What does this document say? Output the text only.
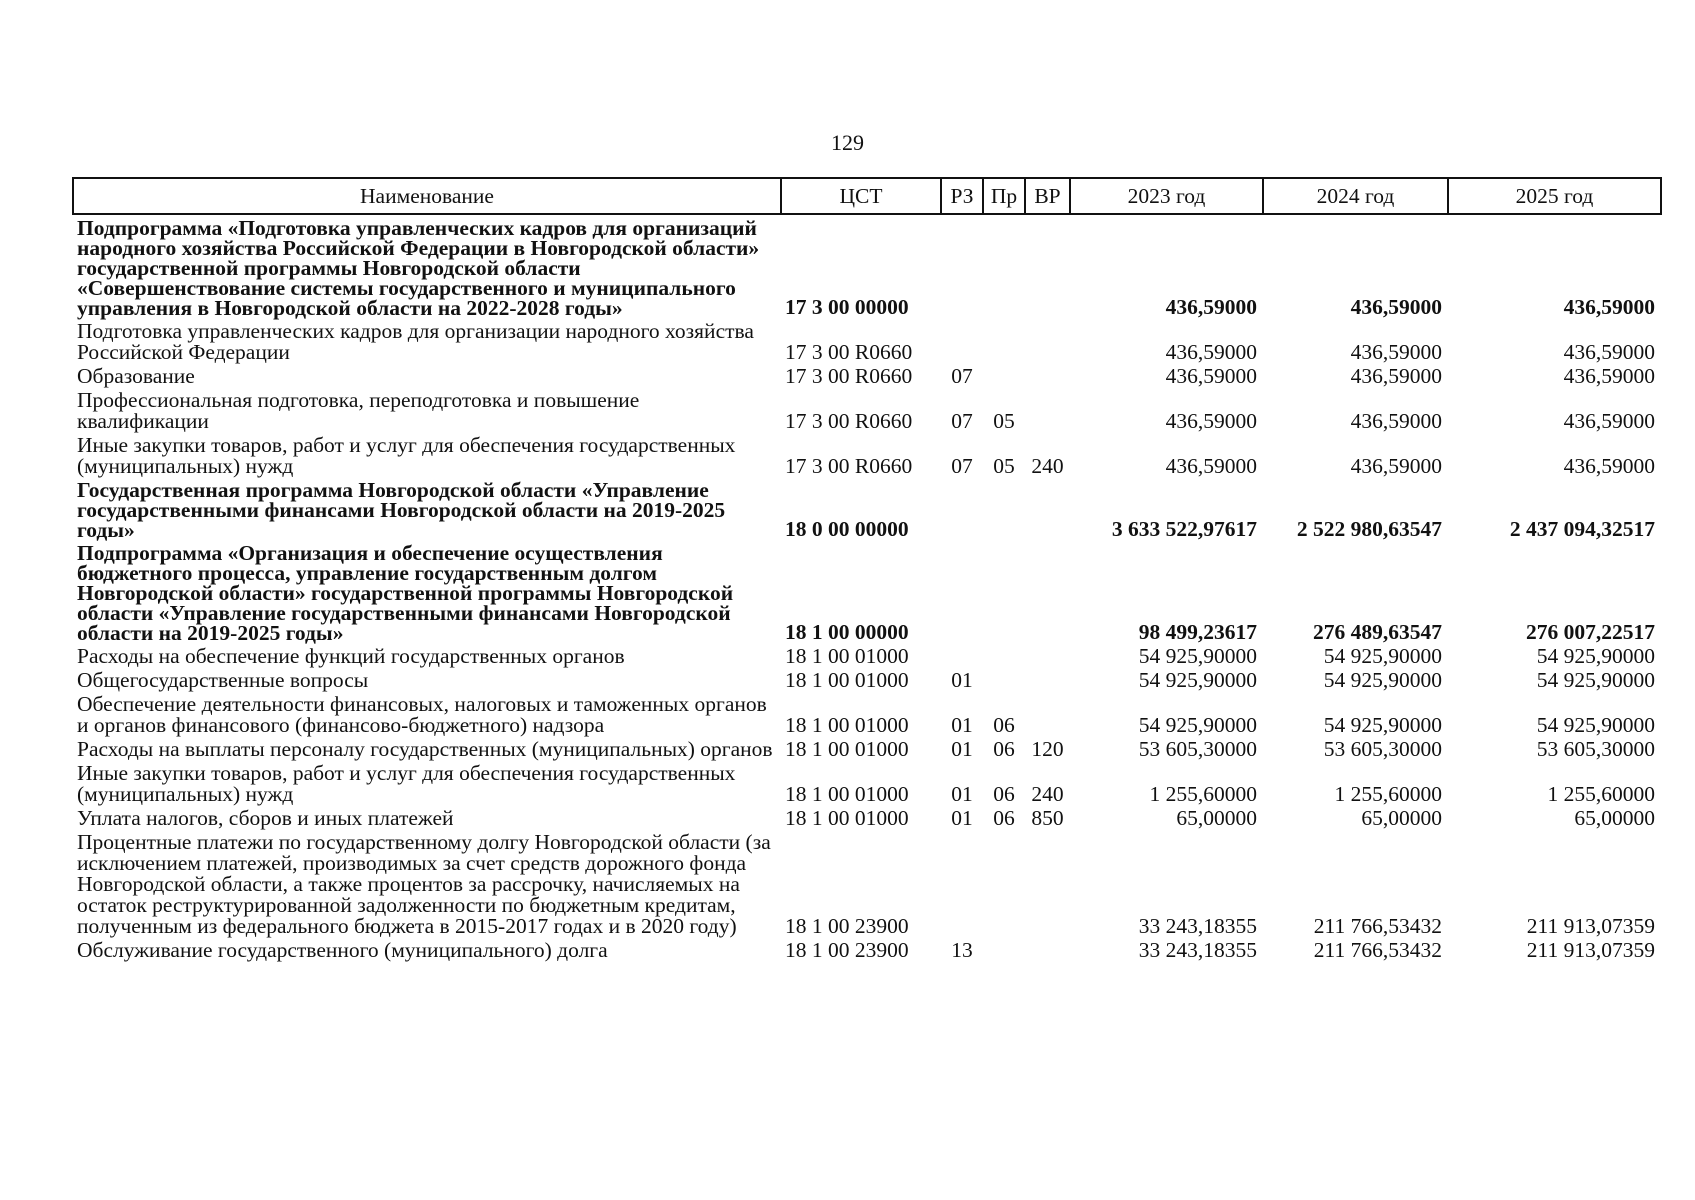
129
Наименование	ЦСТ	РЗ	Пр	ВР	2023 год	2024 год	2025 год
Подпрограмма «Подготовка управленческих кадров для организаций народного хозяйства Российской Федерации в Новгородской области» государственной программы Новгородской области «Совершенствование системы государственного и муниципального управления в Новгородской области на 2022-2028 годы»	17 3 00 00000				436,59000	436,59000	436,59000
Подготовка управленческих кадров для организации народного хозяйства Российской Федерации	17 3 00 R0660				436,59000	436,59000	436,59000
Образование	17 3 00 R0660	07			436,59000	436,59000	436,59000
Профессиональная подготовка, переподготовка и повышение квалификации	17 3 00 R0660	07	05		436,59000	436,59000	436,59000
Иные закупки товаров, работ и услуг для обеспечения государственных (муниципальных) нужд	17 3 00 R0660	07	05	240	436,59000	436,59000	436,59000
Государственная программа Новгородской области «Управление государственными финансами Новгородской области на 2019-2025 годы»	18 0 00 00000				3 633 522,97617	2 522 980,63547	2 437 094,32517
Подпрограмма «Организация и обеспечение осуществления бюджетного процесса, управление государственным долгом Новгородской области» государственной программы Новгородской области «Управление государственными финансами Новгородской области на 2019-2025 годы»	18 1 00 00000				98 499,23617	276 489,63547	276 007,22517
Расходы на обеспечение функций государственных органов	18 1 00 01000				54 925,90000	54 925,90000	54 925,90000
Общегосударственные вопросы	18 1 00 01000	01			54 925,90000	54 925,90000	54 925,90000
Обеспечение деятельности финансовых, налоговых и таможенных органов и органов финансового (финансово-бюджетного) надзора	18 1 00 01000	01	06		54 925,90000	54 925,90000	54 925,90000
Расходы на выплаты персоналу государственных (муниципальных) органов	18 1 00 01000	01	06	120	53 605,30000	53 605,30000	53 605,30000
Иные закупки товаров, работ и услуг для обеспечения государственных (муниципальных) нужд	18 1 00 01000	01	06	240	1 255,60000	1 255,60000	1 255,60000
Уплата налогов, сборов и иных платежей	18 1 00 01000	01	06	850	65,00000	65,00000	65,00000
Процентные платежи по государственному долгу Новгородской области (за исключением платежей, производимых за счет средств дорожного фонда Новгородской области, а также процентов за рассрочку, начисляемых на остаток реструктурированной задолженности по бюджетным кредитам, полученным из федерального бюджета в 2015-2017 годах и в 2020 году)	18 1 00 23900				33 243,18355	211 766,53432	211 913,07359
Обслуживание государственного (муниципального) долга	18 1 00 23900	13			33 243,18355	211 766,53432	211 913,07359
